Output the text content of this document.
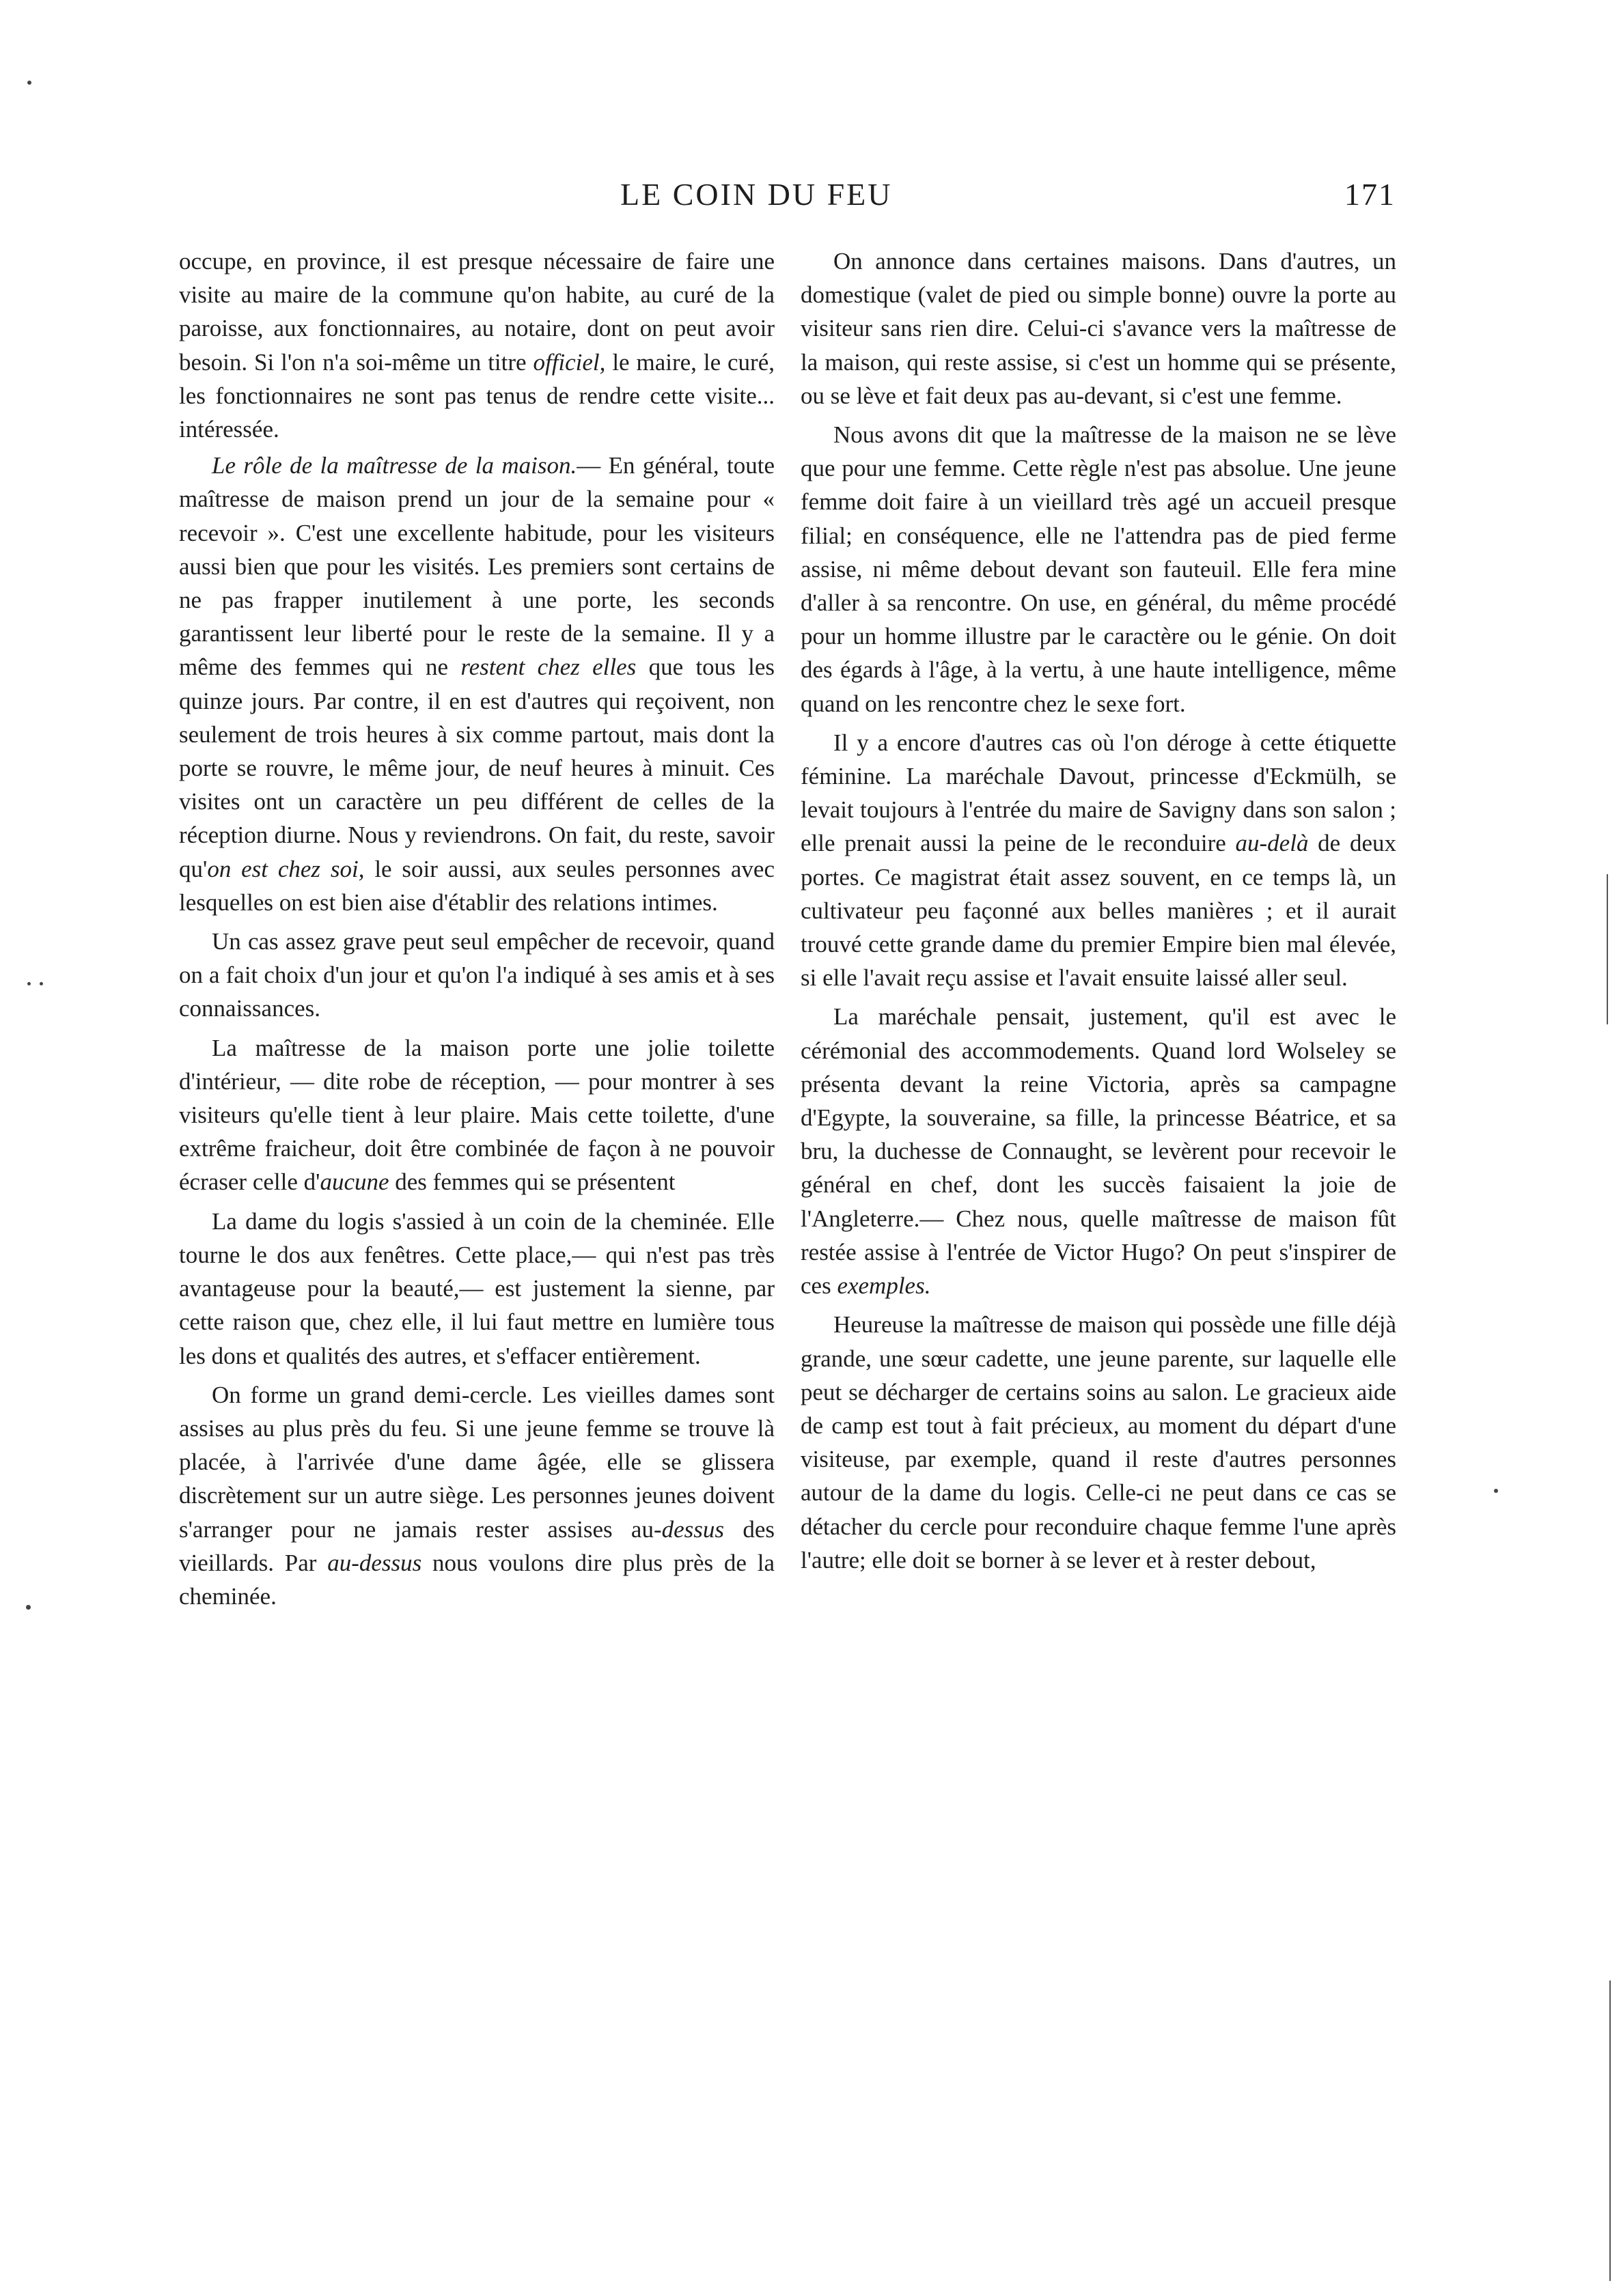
LE COIN DU FEU	171

occupe, en province, il est presque nécessaire de faire une visite au maire de la commune qu'on habite, au curé de la paroisse, aux fonctionnaires, au notaire, dont on peut avoir besoin. Si l'on n'a soi-même un titre officiel, le maire, le curé, les fonctionnaires ne sont pas tenus de rendre cette visite... intéressée.

Le rôle de la maîtresse de la maison.— En général, toute maîtresse de maison prend un jour de la semaine pour « recevoir ». C'est une excellente habitude, pour les visiteurs aussi bien que pour les visités. Les premiers sont certains de ne pas frapper inutilement à une porte, les seconds garantissent leur liberté pour le reste de la semaine. Il y a même des femmes qui ne restent chez elles que tous les quinze jours. Par contre, il en est d'autres qui reçoivent, non seulement de trois heures à six comme partout, mais dont la porte se rouvre, le même jour, de neuf heures à minuit. Ces visites ont un caractère un peu différent de celles de la réception diurne. Nous y reviendrons. On fait, du reste, savoir qu'on est chez soi, le soir aussi, aux seules personnes avec lesquelles on est bien aise d'établir des relations intimes.

Un cas assez grave peut seul empêcher de recevoir, quand on a fait choix d'un jour et qu'on l'a indiqué à ses amis et à ses connaissances.

La maîtresse de la maison porte une jolie toilette d'intérieur, — dite robe de réception, — pour montrer à ses visiteurs qu'elle tient à leur plaire. Mais cette toilette, d'une extrême fraicheur, doit être combinée de façon à ne pouvoir écraser celle d'aucune des femmes qui se présentent

La dame du logis s'assied à un coin de la cheminée. Elle tourne le dos aux fenêtres. Cette place,— qui n'est pas très avantageuse pour la beauté,— est justement la sienne, par cette raison que, chez elle, il lui faut mettre en lumière tous les dons et qualités des autres, et s'effacer entièrement.

On forme un grand demi-cercle. Les vieilles dames sont assises au plus près du feu. Si une jeune femme se trouve là placée, à l'arrivée d'une dame âgée, elle se glissera discrètement sur un autre siège. Les personnes jeunes doivent s'arranger pour ne jamais rester assises au-dessus des vieillards. Par au-dessus nous voulons dire plus près de la cheminée.

On annonce dans certaines maisons. Dans d'autres, un domestique (valet de pied ou simple bonne) ouvre la porte au visiteur sans rien dire. Celui-ci s'avance vers la maîtresse de la maison, qui reste assise, si c'est un homme qui se présente, ou se lève et fait deux pas au-devant, si c'est une femme.

Nous avons dit que la maîtresse de la maison ne se lève que pour une femme. Cette règle n'est pas absolue. Une jeune femme doit faire à un vieillard très agé un accueil presque filial; en conséquence, elle ne l'attendra pas de pied ferme assise, ni même debout devant son fauteuil. Elle fera mine d'aller à sa rencontre. On use, en général, du même procédé pour un homme illustre par le caractère ou le génie. On doit des égards à l'âge, à la vertu, à une haute intelligence, même quand on les rencontre chez le sexe fort.

Il y a encore d'autres cas où l'on déroge à cette étiquette féminine. La maréchale Davout, princesse d'Eckmülh, se levait toujours à l'entrée du maire de Savigny dans son salon ; elle prenait aussi la peine de le reconduire au-delà de deux portes. Ce magistrat était assez souvent, en ce temps là, un cultivateur peu façonné aux belles manières ; et il aurait trouvé cette grande dame du premier Empire bien mal élevée, si elle l'avait reçu assise et l'avait ensuite laissé aller seul.

La maréchale pensait, justement, qu'il est avec le cérémonial des accommodements. Quand lord Wolseley se présenta devant la reine Victoria, après sa campagne d'Egypte, la souveraine, sa fille, la princesse Béatrice, et sa bru, la duchesse de Connaught, se levèrent pour recevoir le général en chef, dont les succès faisaient la joie de l'Angleterre.— Chez nous, quelle maîtresse de maison fût restée assise à l'entrée de Victor Hugo? On peut s'inspirer de ces exemples.

Heureuse la maîtresse de maison qui possède une fille déjà grande, une sœur cadette, une jeune parente, sur laquelle elle peut se décharger de certains soins au salon. Le gracieux aide de camp est tout à fait précieux, au moment du départ d'une visiteuse, par exemple, quand il reste d'autres personnes autour de la dame du logis. Celle-ci ne peut dans ce cas se détacher du cercle pour reconduire chaque femme l'une après l'autre; elle doit se borner à se lever et à rester debout,
